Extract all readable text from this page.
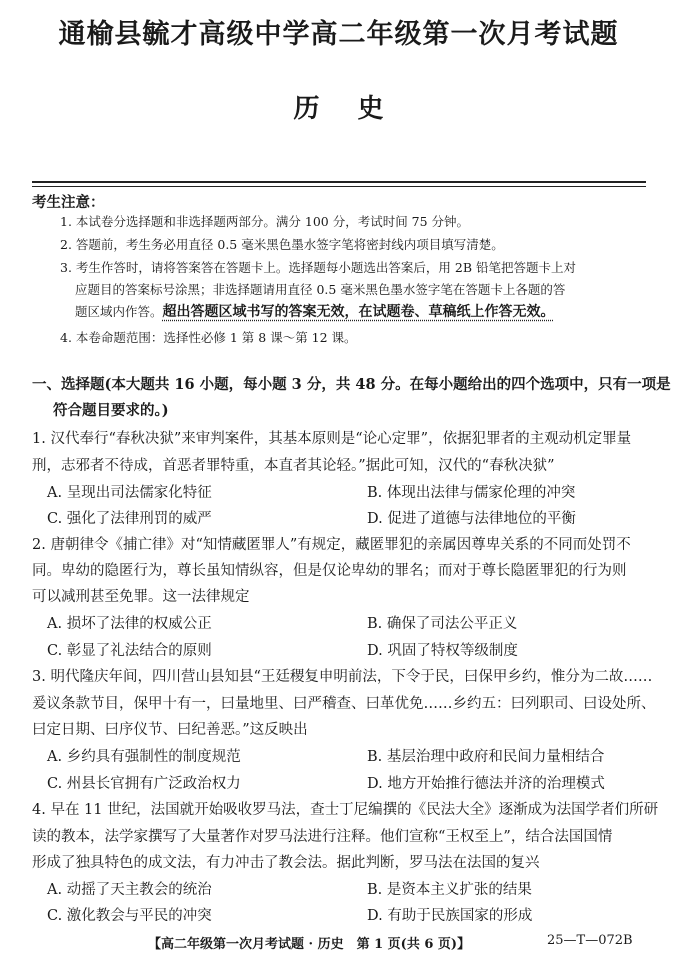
通榆县毓才高级中学高二年级第一次月考试题
历史
考生注意：
1. 本试卷分选择题和非选择题两部分。满分 100 分，考试时间 75 分钟。
2. 答题前，考生务必用直径 0.5 毫米黑色墨水签字笔将密封线内项目填写清楚。
3. 考生作答时，请将答案答在答题卡上。选择题每小题选出答案后，用 2B 铅笔把答题卡上对
应题目的答案标号涂黑；非选择题请用直径 0.5 毫米黑色墨水签字笔在答题卡上各题的答
题区域内作答。超出答题区域书写的答案无效，在试题卷、草稿纸上作答无效。
4. 本卷命题范围：选择性必修 1 第 8 课～第 12 课。
一、选择题(本大题共 16 小题，每小题 3 分，共 48 分。在每小题给出的四个选项中，只有一项是
符合题目要求的。)
1. 汉代奉行“春秋决狱”来审判案件，其基本原则是“论心定罪”，依据犯罪者的主观动机定罪量
刑，志邪者不待成，首恶者罪特重，本直者其论轻。”据此可知，汉代的“春秋决狱”
A. 呈现出司法儒家化特征	B. 体现出法律与儒家伦理的冲突
C. 强化了法律刑罚的威严	D. 促进了道德与法律地位的平衡
2. 唐朝律令《捕亡律》对“知情藏匿罪人”有规定，藏匿罪犯的亲属因尊卑关系的不同而处罚不
同。卑幼的隐匿行为，尊长虽知情纵容，但是仅论卑幼的罪名；而对于尊长隐匿罪犯的行为则
可以减刑甚至免罪。这一法律规定
A. 损坏了法律的权威公正	B. 确保了司法公平正义
C. 彰显了礼法结合的原则	D. 巩固了特权等级制度
3. 明代隆庆年间，四川营山县知县“王廷稷复申明前法，下令于民，曰保甲乡约，惟分为二故……
爰议条款节目，保甲十有一，曰量地里、曰严稽查、曰革优免……乡约五：曰列职司、曰设处所、
曰定日期、曰序仪节、曰纪善恶。”这反映出
A. 乡约具有强制性的制度规范	B. 基层治理中政府和民间力量相结合
C. 州县长官拥有广泛政治权力	D. 地方开始推行德法并济的治理模式
4. 早在 11 世纪，法国就开始吸收罗马法，查士丁尼编撰的《民法大全》逐渐成为法国学者们所研
读的教本，法学家撰写了大量著作对罗马法进行注释。他们宣称“王权至上”，结合法国国情
形成了独具特色的成文法，有力冲击了教会法。据此判断，罗马法在法国的复兴
A. 动摇了天主教会的统治	B. 是资本主义扩张的结果
C. 激化教会与平民的冲突	D. 有助于民族国家的形成
【高二年级第一次月考试题 · 历史　第 1 页(共 6 页)】	25—T—072B
